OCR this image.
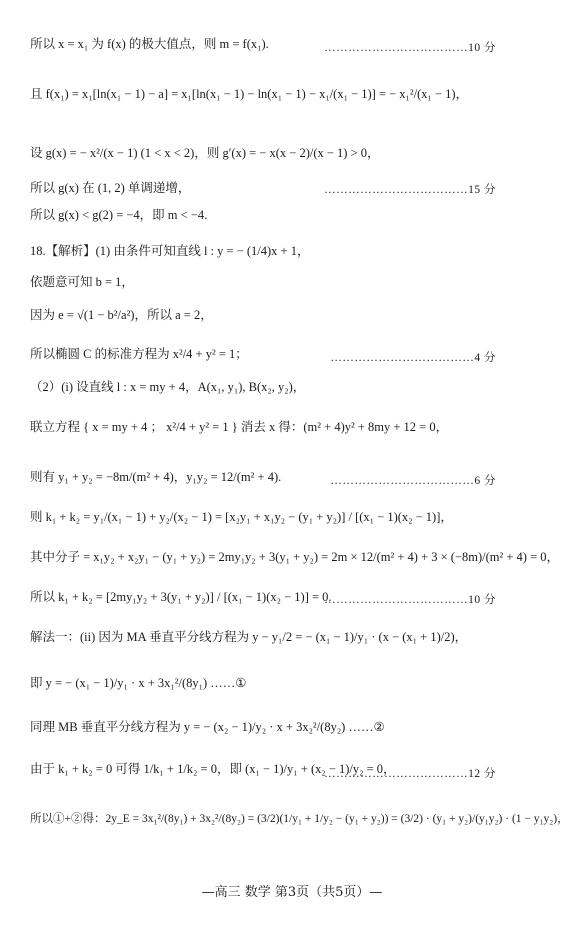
所以 x = x₁ 为 f(x) 的极大值点，则 m = f(x₁).	………………………………10 分
且 f(x₁) = x₁[ln(x₁ − 1) − a] = x₁[ln(x₁ − 1) − ln(x₁ − 1) − x₁/(x₁ − 1)] = − x₁²/(x₁ − 1)，
设 g(x) = − x²/(x − 1) (1 < x < 2)，则 g′(x) = − x(x − 2)/(x − 1) > 0，
所以 g(x) 在 (1, 2) 单调递增，	………………………………15 分
所以 g(x) < g(2) = −4，即 m < −4.
18.【解析】(1) 由条件可知直线 l : y = − (1/4)x + 1，
依题意可知 b = 1，
因为 e = √(1 − b²/a²)，所以 a = 2，
所以椭圆 C 的标准方程为 x²/4 + y² = 1；	………………………………4 分
（2）(i) 设直线 l : x = my + 4，A(x₁, y₁), B(x₂, y₂)，
联立方程 { x = my + 4 ； x²/4 + y² = 1 } 消去 x 得：(m² + 4)y² + 8my + 12 = 0，
则有 y₁ + y₂ = −8m/(m² + 4)，y₁y₂ = 12/(m² + 4).	………………………………6 分
则 k₁ + k₂ = y₁/(x₁ − 1) + y₂/(x₂ − 1) = [x₂y₁ + x₁y₂ − (y₁ + y₂)] / [(x₁ − 1)(x₂ − 1)]，
其中分子 = x₁y₂ + x₂y₁ − (y₁ + y₂) = 2my₁y₂ + 3(y₁ + y₂) = 2m × 12/(m² + 4) + 3 × (−8m)/(m² + 4) = 0，
所以 k₁ + k₂ = [2my₁y₂ + 3(y₁ + y₂)] / [(x₁ − 1)(x₂ − 1)] = 0.
………………………………10 分
解法一：(ii) 因为 MA 垂直平分线方程为 y − y₁/2 = − (x₁ − 1)/y₁ · (x − (x₁ + 1)/2)，
即 y = − (x₁ − 1)/y₁ · x + 3x₁²/(8y₁) ……①
同理 MB 垂直平分线方程为 y = − (x₂ − 1)/y₂ · x + 3x₂²/(8y₂) ……②
由于 k₁ + k₂ = 0 可得 1/k₁ + 1/k₂ = 0，即 (x₁ − 1)/y₁ + (x₂ − 1)/y₂ = 0，
………………………………12 分
所以①+②得：2y_E = 3x₁²/(8y₁) + 3x₂²/(8y₂) = (3/2)(1/y₁ + 1/y₂ − (y₁ + y₂)) = (3/2) · (y₁ + y₂)/(y₁y₂) · (1 − y₁y₂)，
—高三 数学 第3页（共5页）—
